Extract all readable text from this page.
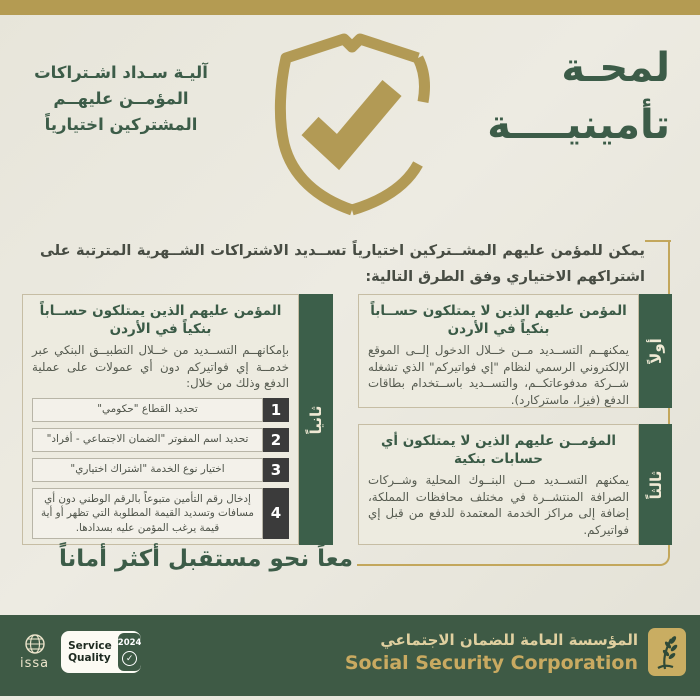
آليـة سـداد اشـتراكات
المؤمــن عليهــم
المشتركين اختيارياً
لمحـة
تأمينيــــة
يمكن للمؤمن عليهم المشــتركين اختيارياً تســديد الاشتراكات الشــهرية المترتبة على اشتراكهم الاختياري وفق الطرق التالية:
المؤمن عليهم الذين لا يمتلكون حســاباً بنكياً في الأردن
يمكنهــم التســديد مــن خــلال الدخول إلــى الموقع الإلكتروني الرسمي لنظام "إي فواتيركم" الذي تشغله شــركة مدفوعاتكــم، والتســديد باســتخدام بطاقات الدفع (فيزا، ماستركارد).
أولاً
المؤمــن عليهم الذين لا يمتلكون أي حسابات بنكية
يمكنهم التســديد مــن البنــوك المحلية وشــركات الصرافة المنتشــرة في مختلف محافظات المملكة، إضافة إلى مراكز الخدمة المعتمدة للدفع من قبل إي فواتيركم.
ثالثاً
المؤمن عليهم الذين يمتلكون حســاباً بنكياً في الأردن
بإمكانهــم التســديد من خــلال التطبيــق البنكي عبر خدمــة إي فواتيركم دون أي عمولات على عملية الدفع وذلك من خلال:
1
تحديد القطاع "حكومي"
2
تحديد اسم المفوتر "الضمان الاجتماعي - أفراد"
3
اختيار نوع الخدمة "اشتراك اختياري"
4
إدخال رقم التأمين متبوعاً بالرقم الوطني دون أي مسافات وتسديد القيمة المطلوبة التي تظهر أو أية قيمة يرغب المؤمن عليه بسدادها.
ثانياً
معاً نحو مستقبل أكثر أماناً
المؤسسة العامة للضمان الاجتماعي
Social Security Corporation
issa
Service
Quality
2024
✓
